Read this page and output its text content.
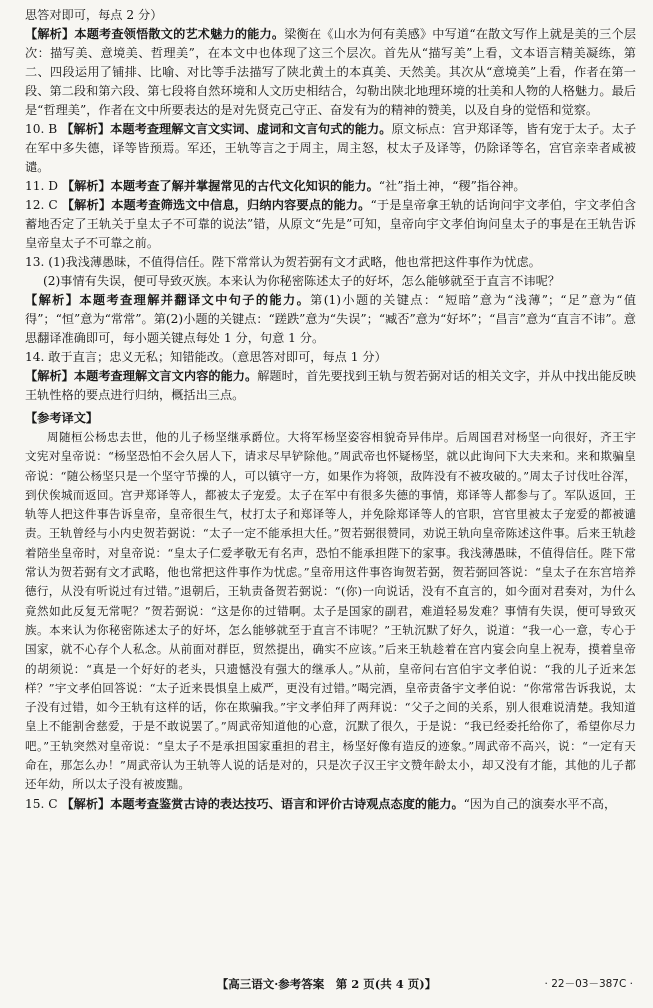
思答对即可，每点 2 分）

【解析】本题考查领悟散文的艺术魅力的能力。梁衡在《山水为何有美感》中写道“在散文写作上就是美的三个层次：描写美、意境美、哲理美”，在本文中也体现了这三个层次。首先从“描写美”上看，文本语言精美凝练，第二、四段运用了铺排、比喻、对比等手法描写了陕北黄土的本真美、天然美。其次从“意境美”上看，作者在第一段、第二段和第六段、第七段将自然环境和人文历史相结合，勾勒出陕北地理环境的壮美和人物的人格魅力。最后是“哲理美”，作者在文中所要表达的是对先贤克己守正、奋发有为的精神的赞美，以及自身的觉悟和觉察。

10. B 【解析】本题考查理解文言文实词、虚词和文言句式的能力。原文标点：宫尹郑译等，皆有宠于太子。太子在军中多失德，译等皆预焉。军还，王轨等言之于周主，周主怒，杖太子及译等，仍除译等名，宫官亲幸者咸被谴。

11. D 【解析】本题考查了解并掌握常见的古代文化知识的能力。“社”指土神，“稷”指谷神。

12. C 【解析】本题考查筛选文中信息，归纳内容要点的能力。“于是皇帝拿王轨的话询问宇文孝伯，宇文孝伯含蓄地否定了王轨关于皇太子不可靠的说法”错，从原文“先是”可知，皇帝向宇文孝伯询问皇太子的事是在王轨告诉皇帝皇太子不可靠之前。

13. (1)我浅薄愚昧，不值得信任。陛下常常认为贺若弼有文才武略，他也常把这件事作为忧虑。

(2)事情有失误，便可导致灭族。本来认为你秘密陈述太子的好坏，怎么能够就至于直言不讳呢？

【解析】本题考查理解并翻译文中句子的能力。第(1)小题的关键点：“短暗”意为“浅薄”；“足”意为“值得”；“恒”意为“常常”。第(2)小题的关键点：“蹉跌”意为“失误”；“臧否”意为“好坏”；“昌言”意为“直言不讳”。意思翻译准确即可，每小题关键点每处 1 分，句意 1 分。

14. 敢于直言；忠义无私；知错能改。（意思答对即可，每点 1 分）

【解析】本题考查理解文言文内容的能力。解题时，首先要找到王轨与贺若弼对话的相关文字，并从中找出能反映王轨性格的要点进行归纳，概括出三点。

【参考译文】

周随桓公杨忠去世，他的儿子杨坚继承爵位。大将军杨坚姿容相貌奇异伟岸。后周国君对杨坚一向很好，齐王宇文宪对皇帝说：“杨坚恐怕不会久居人下，请求尽早铲除他。”周武帝也怀疑杨坚，就以此询问下大夫来和。来和欺骗皇帝说：“随公杨坚只是一个坚守节操的人，可以镇守一方，如果作为将领，敌阵没有不被攻破的。”周太子讨伐吐谷浑，到伏俟城而返回。宫尹郑译等人，都被太子宠爱。太子在军中有很多失德的事情，郑译等人都参与了。军队返回，王轨等人把这件事告诉皇帝，皇帝很生气，杖打太子和郑译等人，并免除郑译等人的官职，宫官里被太子宠爱的都被谴责。王轨曾经与小内史贺若弼说：“太子一定不能承担大任。”贺若弼很赞同，劝说王轨向皇帝陈述这件事。后来王轨趁着陪坐皇帝时，对皇帝说：“皇太子仁爱孝敬无有名声，恐怕不能承担陛下的家事。我浅薄愚昧，不值得信任。陛下常常认为贺若弼有文才武略，他也常把这件事作为忧虑。”皇帝用这件事咨询贺若弼，贺若弼回答说：“皇太子在东宫培养德行，从没有听说过有过错。”退朝后，王轨责备贺若弼说：“(你)一向说话，没有不直言的，如今面对君奏对，为什么竟然如此反复无常呢？”贺若弼说：“这是你的过错啊。太子是国家的副君，难道轻易发难？事情有失误，便可导致灭族。本来认为你秘密陈述太子的好坏，怎么能够就至于直言不讳呢？”王轨沉默了好久，说道：“我一心一意，专心于国家，就不心存个人私念。从前面对群臣，贸然提出，确实不应该。”后来王轨趁着在宫内宴会向皇上祝寿，摸着皇帝的胡须说：“真是一个好好的老头，只遗憾没有强大的继承人。”从前，皇帝问右宫伯宇文孝伯说：“我的儿子近来怎样？”宇文孝伯回答说：“太子近来畏惧皇上威严，更没有过错。”喝完酒，皇帝责备宇文孝伯说：“你常常告诉我说，太子没有过错，如今王轨有这样的话，你在欺骗我。”宇文孝伯拜了两拜说：“父子之间的关系，别人很难说清楚。我知道皇上不能割舍慈爱，于是不敢说罢了。”周武帝知道他的心意，沉默了很久，于是说：“我已经委托给你了，希望你尽力吧。”王轨突然对皇帝说：“皇太子不是承担国家重担的君主，杨坚好像有造反的迹象。”周武帝不高兴，说：“一定有天命在，那怎么办！”周武帝认为王轨等人说的话是对的，只是次子汉王宇文赞年龄太小，却又没有才能，其他的儿子都还年幼，所以太子没有被废黜。

15. C 【解析】本题考查鉴赏古诗的表达技巧、语言和评价古诗观点态度的能力。“因为自己的演奏水平不高，

【高三语文·参考答案　第 2 页(共 4 页)】	· 22－03－387C ·
